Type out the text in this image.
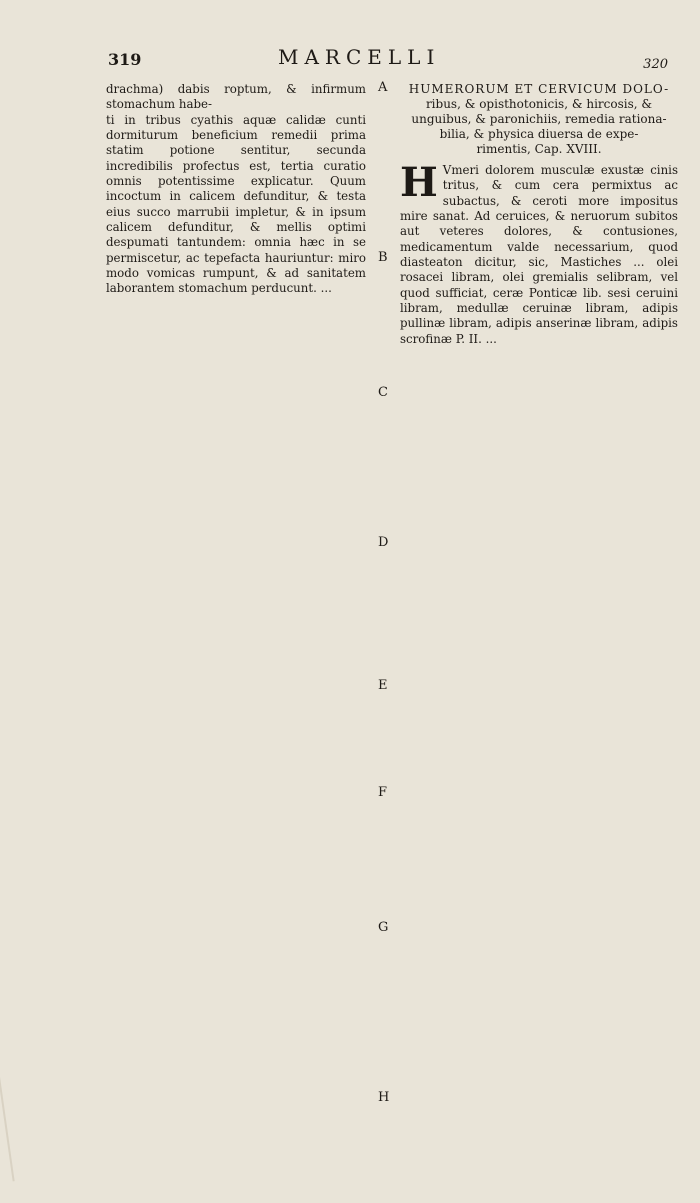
319	MARCELLI	320
drachma) dabis roptum, & infirmum stomachum habe-
ti in tribus cyathis aquæ calidæ cunti dormiturum beneficium remedii prima statim potione sentitur, secunda incredibilis profectus est, tertia curatio omnis potentissime explicatur. Quum incoctum in calicem defunditur, & testa eius succo marrubii impletur, & in ipsum calicem defunditur, & mellis optimi despumati tantundem: omnia hæc in se permiscetur, ac tepefacta hauriuntur: miro modo vomicas rumpunt, & ad sanitatem laborantem stomachum perducunt. ...
A
B
C
D
E
F
G
H
HUMERORUM ET CERVICUM DOLO-
ribus, & opisthotonicis, & hircosis, & unguibus, & paronichiis, remedia rationa-
bilia, & physica diuersa de expe-
rimentis, Cap. XVIII.
H Vmeri dolorem musculæ exustæ cinis tritus, & cum cera permixtus ac subactus, & ceroti more impositus mire sanat. Ad ceruices, & neruorum subitos aut veteres dolores, & contusiones, medicamentum valde necessarium, quod diasteaton dicitur, sic, Mastiches ... olei rosacei libram, olei gremialis selibram, vel quod sufficiat, ceræ Ponticæ lib. sesi ceruini libram, medullæ ceruinæ libram, adipis pullinæ libram, adipis anserinæ libram, adipis scrofinæ P. II. ...
